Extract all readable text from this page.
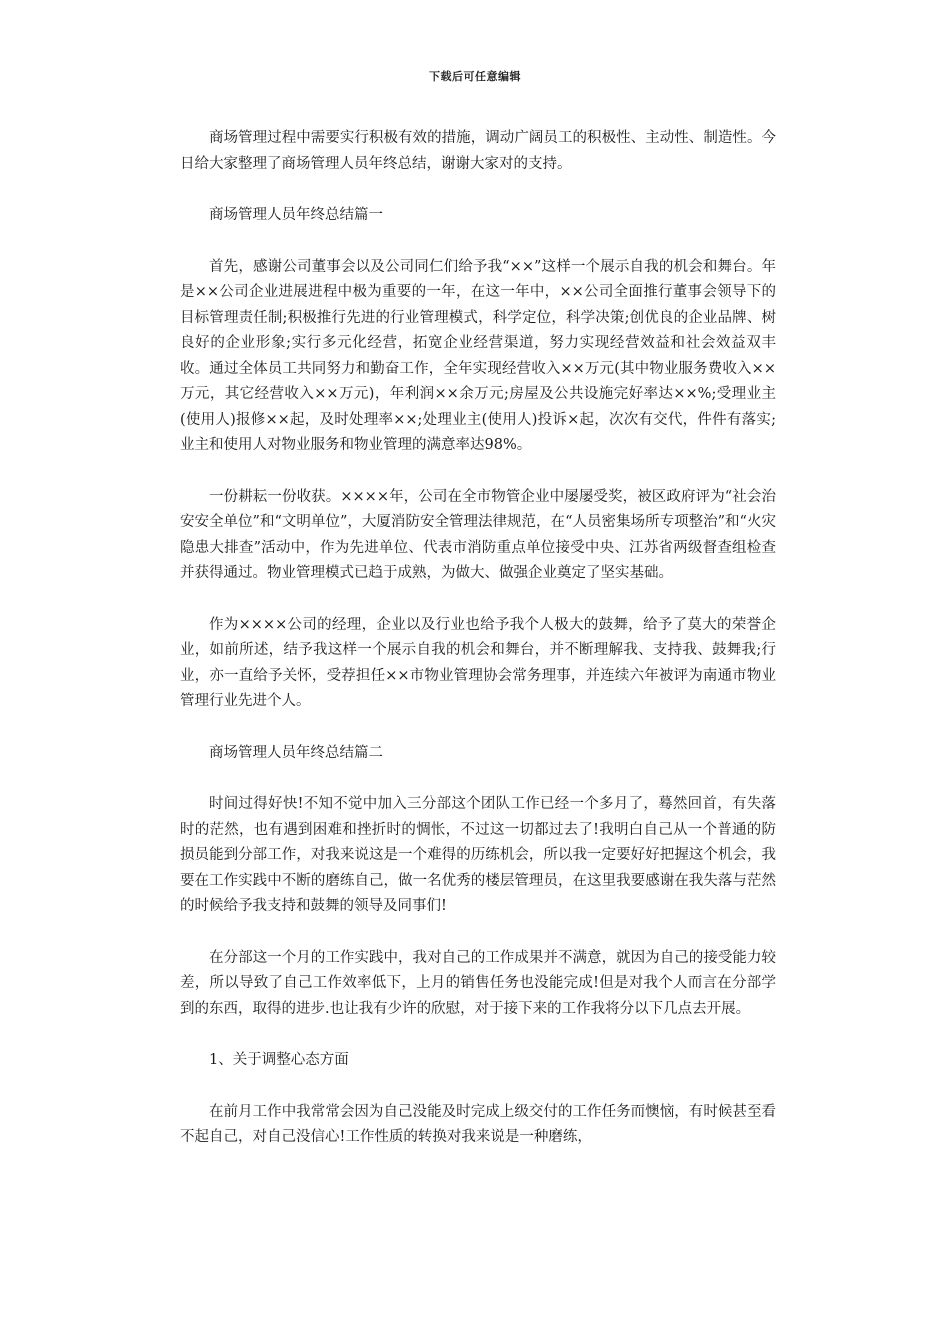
下载后可任意编辑

商场管理过程中需要实行积极有效的措施，调动广阔员工的积极性、主动性、制造性。今日给大家整理了商场管理人员年终总结，谢谢大家对的支持。

商场管理人员年终总结篇一

首先，感谢公司董事会以及公司同仁们给予我“××”这样一个展示自我的机会和舞台。年是××公司企业进展进程中极为重要的一年，在这一年中，××公司全面推行董事会领导下的目标管理责任制;积极推行先进的行业管理模式，科学定位，科学决策;创优良的企业品牌、树良好的企业形象;实行多元化经营，拓宽企业经营渠道，努力实现经营效益和社会效益双丰收。通过全体员工共同努力和勤奋工作，全年实现经营收入××万元(其中物业服务费收入××万元，其它经营收入××万元)，年利润××余万元;房屋及公共设施完好率达××%;受理业主(使用人)报修××起，及时处理率××;处理业主(使用人)投诉×起，次次有交代，件件有落实;业主和使用人对物业服务和物业管理的满意率达98%。

一份耕耘一份收获。××××年，公司在全市物管企业中屡屡受奖，被区政府评为“社会治安安全单位”和“文明单位”，大厦消防安全管理法律规范，在“人员密集场所专项整治”和“火灾隐患大排查”活动中，作为先进单位、代表市消防重点单位接受中央、江苏省两级督查组检查并获得通过。物业管理模式已趋于成熟，为做大、做强企业奠定了坚实基础。

作为××××公司的经理，企业以及行业也给予我个人极大的鼓舞，给予了莫大的荣誉企业，如前所述，结予我这样一个展示自我的机会和舞台，并不断理解我、支持我、鼓舞我;行业，亦一直给予关怀，受荐担任××市物业管理协会常务理事，并连续六年被评为南通市物业管理行业先进个人。

商场管理人员年终总结篇二

时间过得好快!不知不觉中加入三分部这个团队工作已经一个多月了，蓦然回首，有失落时的茫然，也有遇到困难和挫折时的惆怅，不过这一切都过去了!我明白自己从一个普通的防损员能到分部工作，对我来说这是一个难得的历练机会，所以我一定要好好把握这个机会，我要在工作实践中不断的磨练自己，做一名优秀的楼层管理员，在这里我要感谢在我失落与茫然的时候给予我支持和鼓舞的领导及同事们!

在分部这一个月的工作实践中，我对自己的工作成果并不满意，就因为自己的接受能力较差，所以导致了自己工作效率低下，上月的销售任务也没能完成!但是对我个人而言在分部学到的东西，取得的进步.也让我有少许的欣慰，对于接下来的工作我将分以下几点去开展。

1、关于调整心态方面

在前月工作中我常常会因为自己没能及时完成上级交付的工作任务而懊恼，有时候甚至看不起自己，对自己没信心!工作性质的转换对我来说是一种磨练，
